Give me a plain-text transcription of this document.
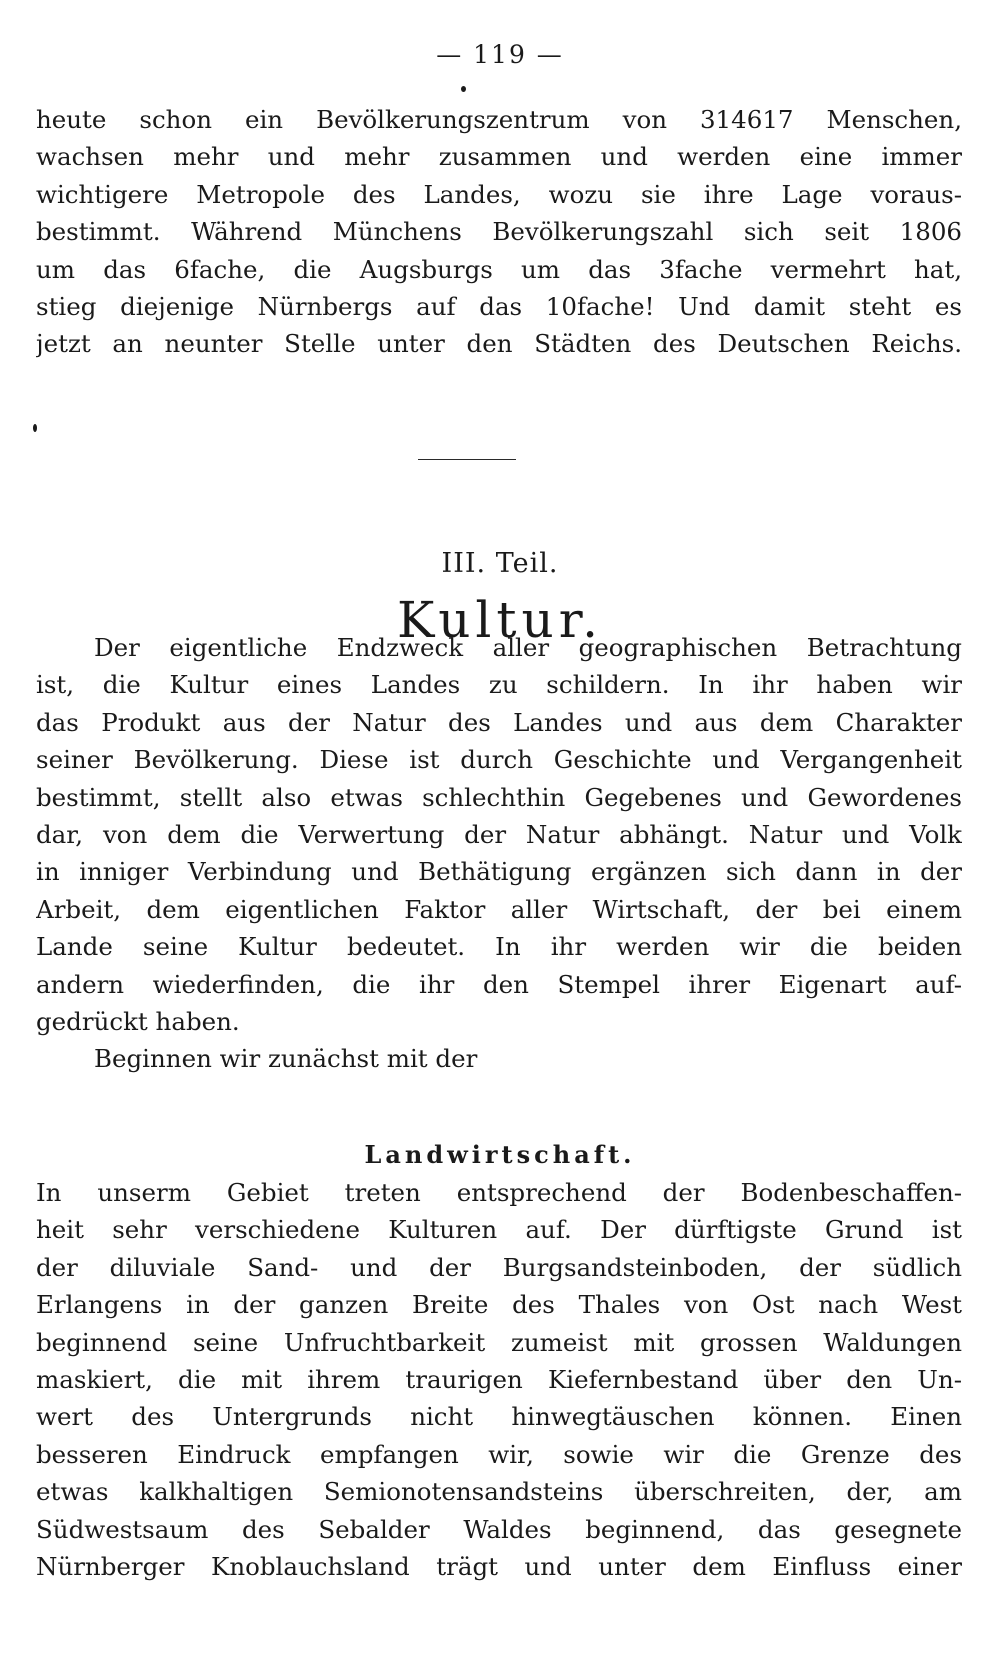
— 119 —
heute schon ein Bevölkerungszentrum von 314617 Menschen,
wachsen mehr und mehr zusammen und werden eine immer
wichtigere Metropole des Landes, wozu sie ihre Lage voraus-
bestimmt. Während Münchens Bevölkerungszahl sich seit 1806
um das 6fache, die Augsburgs um das 3fache vermehrt hat,
stieg diejenige Nürnbergs auf das 10fache! Und damit steht es
jetzt an neunter Stelle unter den Städten des Deutschen Reichs.
III. Teil.
Kultur.
Der eigentliche Endzweck aller geographischen Betrachtung
ist, die Kultur eines Landes zu schildern. In ihr haben wir
das Produkt aus der Natur des Landes und aus dem Charakter
seiner Bevölkerung. Diese ist durch Geschichte und Vergangenheit
bestimmt, stellt also etwas schlechthin Gegebenes und Gewordenes
dar, von dem die Verwertung der Natur abhängt. Natur und Volk
in inniger Verbindung und Bethätigung ergänzen sich dann in der
Arbeit, dem eigentlichen Faktor aller Wirtschaft, der bei einem
Lande seine Kultur bedeutet. In ihr werden wir die beiden
andern wiederfinden, die ihr den Stempel ihrer Eigenart auf-
gedrückt haben.
Beginnen wir zunächst mit der
Landwirtschaft.
In unserm Gebiet treten entsprechend der Bodenbeschaffen-
heit sehr verschiedene Kulturen auf. Der dürftigste Grund ist
der diluviale Sand- und der Burgsandsteinboden, der südlich
Erlangens in der ganzen Breite des Thales von Ost nach West
beginnend seine Unfruchtbarkeit zumeist mit grossen Waldungen
maskiert, die mit ihrem traurigen Kiefernbestand über den Un-
wert des Untergrunds nicht hinwegtäuschen können. Einen
besseren Eindruck empfangen wir, sowie wir die Grenze des
etwas kalkhaltigen Semionotensandsteins überschreiten, der, am
Südwestsaum des Sebalder Waldes beginnend, das gesegnete
Nürnberger Knoblauchsland trägt und unter dem Einfluss einer
